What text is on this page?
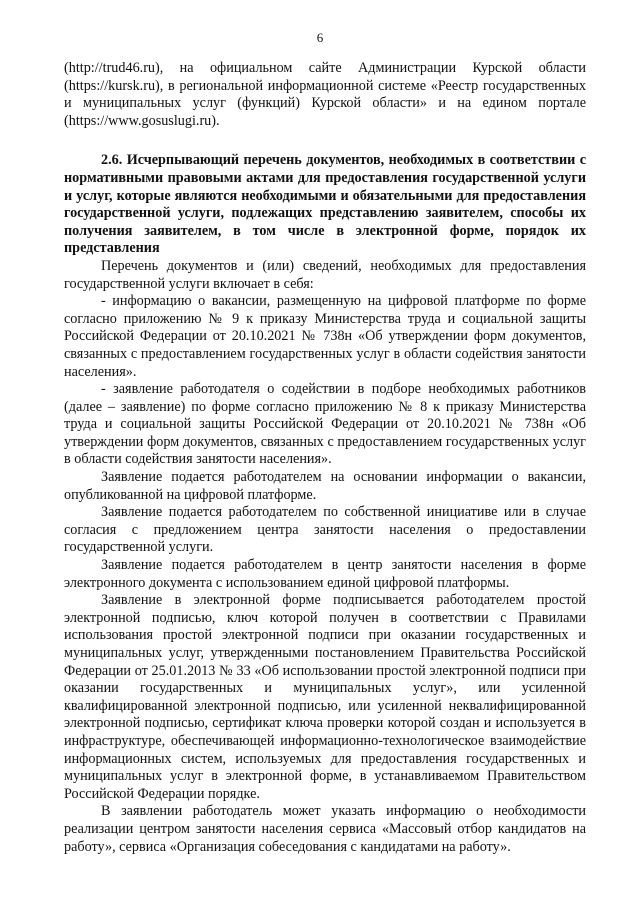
6

(http://trud46.ru), на официальном сайте Администрации Курской области (https://kursk.ru), в региональной информационной системе «Реестр государственных и муниципальных услуг (функций) Курской области» и на едином портале (https://www.gosuslugi.ru).

2.6. Исчерпывающий перечень документов, необходимых в соответствии с нормативными правовыми актами для предоставления государственной услуги и услуг, которые являются необходимыми и обязательными для предоставления государственной услуги, подлежащих представлению заявителем, способы их получения заявителем, в том числе в электронной форме, порядок их представления

Перечень документов и (или) сведений, необходимых для предоставления государственной услуги включает в себя:

- информацию о вакансии, размещенную на цифровой платформе по форме согласно приложению № 9 к приказу Министерства труда и социальной защиты Российской Федерации от 20.10.2021 № 738н «Об утверждении форм документов, связанных с предоставлением государственных услуг в области содействия занятости населения».

- заявление работодателя о содействии в подборе необходимых работников (далее – заявление) по форме согласно приложению № 8 к приказу Министерства труда и социальной защиты Российской Федерации от 20.10.2021 № 738н «Об утверждении форм документов, связанных с предоставлением государственных услуг в области содействия занятости населения».

Заявление подается работодателем на основании информации о вакансии, опубликованной на цифровой платформе.

Заявление подается работодателем по собственной инициативе или в случае согласия с предложением центра занятости населения о предоставлении государственной услуги.

Заявление подается работодателем в центр занятости населения в форме электронного документа с использованием единой цифровой платформы.

Заявление в электронной форме подписывается работодателем простой электронной подписью, ключ которой получен в соответствии с Правилами использования простой электронной подписи при оказании государственных и муниципальных услуг, утвержденными постановлением Правительства Российской Федерации от 25.01.2013 № 33 «Об использовании простой электронной подписи при оказании государственных и муниципальных услуг», или усиленной квалифицированной электронной подписью, или усиленной неквалифицированной электронной подписью, сертификат ключа проверки которой создан и используется в инфраструктуре, обеспечивающей информационно-технологическое взаимодействие информационных систем, используемых для предоставления государственных и муниципальных услуг в электронной форме, в устанавливаемом Правительством Российской Федерации порядке.

В заявлении работодатель может указать информацию о необходимости реализации центром занятости населения сервиса «Массовый отбор кандидатов на работу», сервиса «Организация собеседования с кандидатами на работу».
